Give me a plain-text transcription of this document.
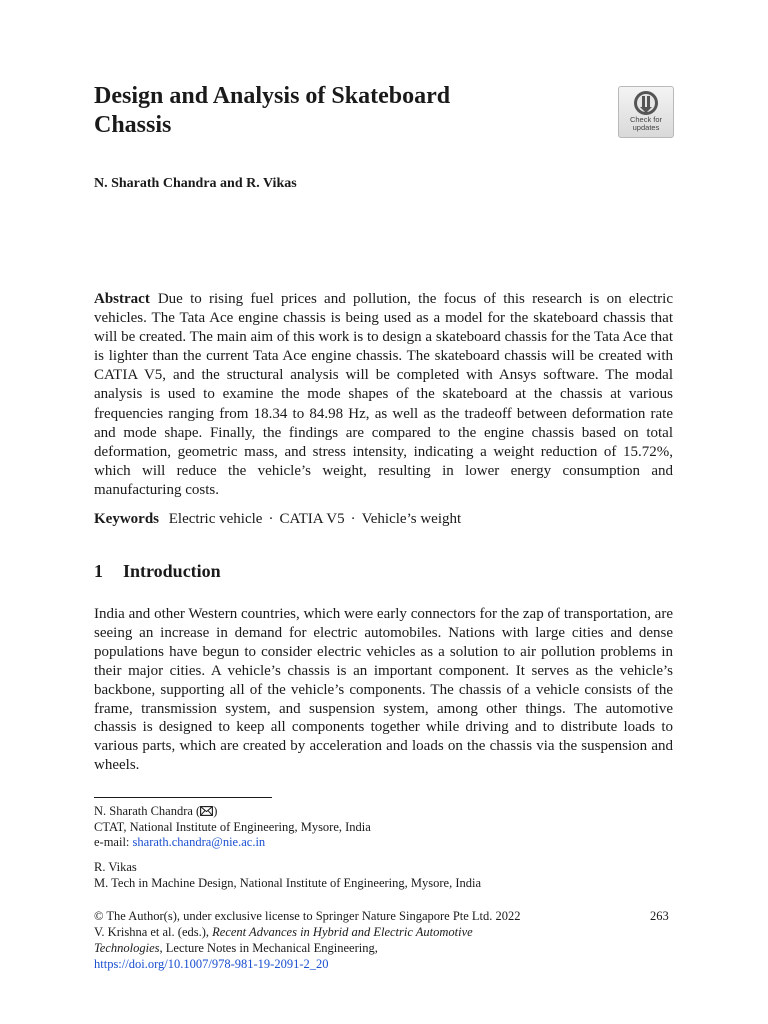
Design and Analysis of Skateboard
Chassis	Check for
updates
N. Sharath Chandra and R. Vikas

Abstract Due to rising fuel prices and pollution, the focus of this research is on electric vehicles. The Tata Ace engine chassis is being used as a model for the skateboard chassis that will be created. The main aim of this work is to design a skateboard chassis for the Tata Ace that is lighter than the current Tata Ace engine chassis. The skateboard chassis will be created with CATIA V5, and the structural analysis will be completed with Ansys software. The modal analysis is used to examine the mode shapes of the skateboard at the chassis at various frequencies ranging from 18.34 to 84.98 Hz, as well as the tradeoff between deformation rate and mode shape. Finally, the findings are compared to the engine chassis based on total deformation, geometric mass, and stress intensity, indicating a weight reduction of 15.72%, which will reduce the vehicle’s weight, resulting in lower energy consumption and manufacturing costs.

Keywords Electric vehicle · CATIA V5 · Vehicle’s weight
1 Introduction

India and other Western countries, which were early connectors for the zap of transportation, are seeing an increase in demand for electric automobiles. Nations with large cities and dense populations have begun to consider electric vehicles as a solution to air pollution problems in their major cities. A vehicle’s chassis is an important component. It serves as the vehicle’s backbone, supporting all of the vehicle’s components. The chassis of a vehicle consists of the frame, transmission system, and suspension system, among other things. The automotive chassis is designed to keep all components together while driving and to distribute loads to various parts, which are created by acceleration and loads on the chassis via the suspension and wheels.

N. Sharath Chandra ( )
CTAT, National Institute of Engineering, Mysore, India
e-mail: sharath.chandra@nie.ac.in
R. Vikas
M. Tech in Machine Design, National Institute of Engineering, Mysore, India
© The Author(s), under exclusive license to Springer Nature Singapore Pte Ltd. 2022
V. Krishna et al. (eds.), Recent Advances in Hybrid and Electric Automotive
Technologies, Lecture Notes in Mechanical Engineering,
https://doi.org/10.1007/978-981-19-2091-2_20
263
